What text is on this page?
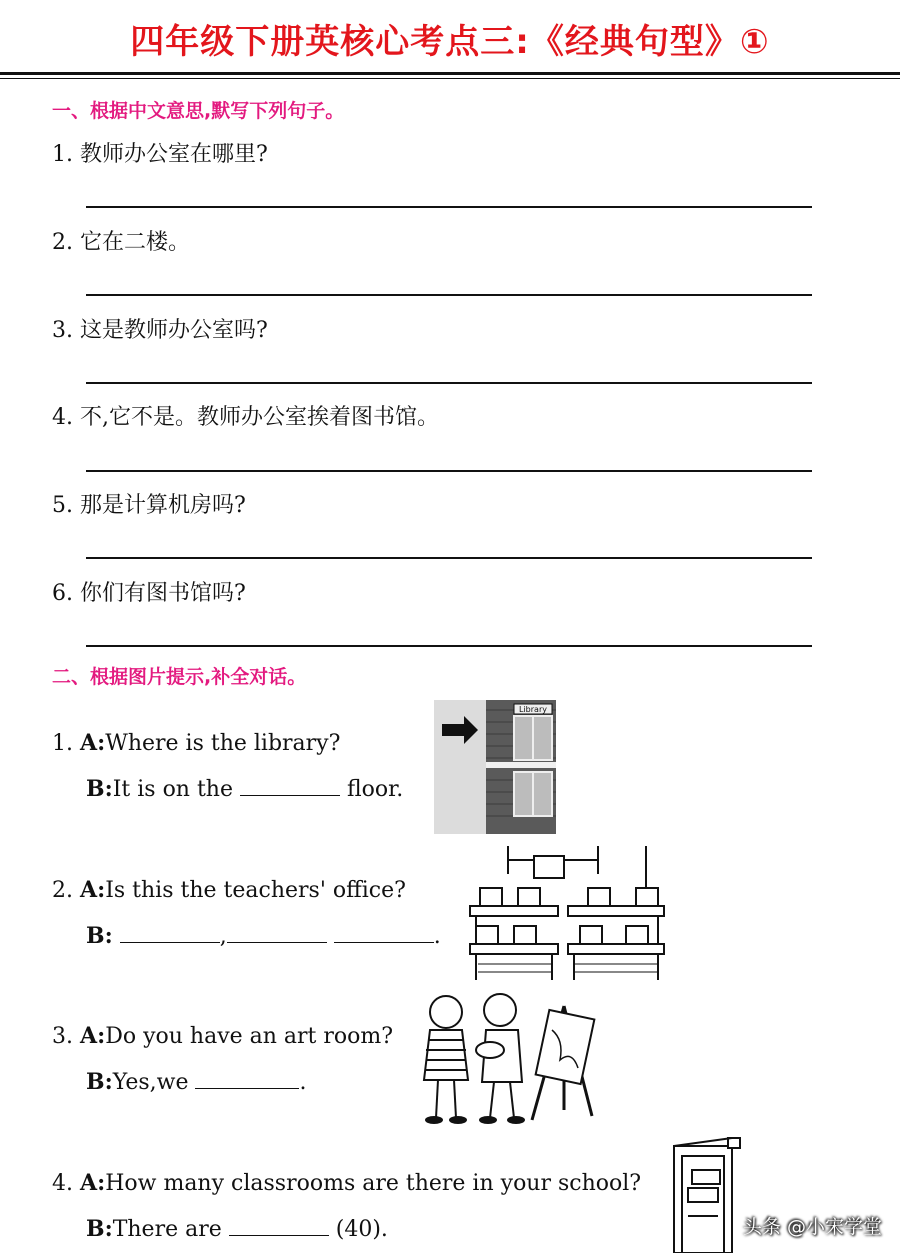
四年级下册英核心考点三:《经典句型》①
一、根据中文意思,默写下列句子。
1. 教师办公室在哪里?
2. 它在二楼。
3. 这是教师办公室吗?
4. 不,它不是。教师办公室挨着图书馆。
5. 那是计算机房吗?
6. 你们有图书馆吗?
二、根据图片提示,补全对话。
1. A:Where is the library?
B:It is on the	floor.
Library
2. A:Is this the teachers' office?
B:	,	.
3. A:Do you have an art room?
B:Yes,we	.
4. A:How many classrooms are there in your school?
B:There are	(40).	头条 @小宋学堂
